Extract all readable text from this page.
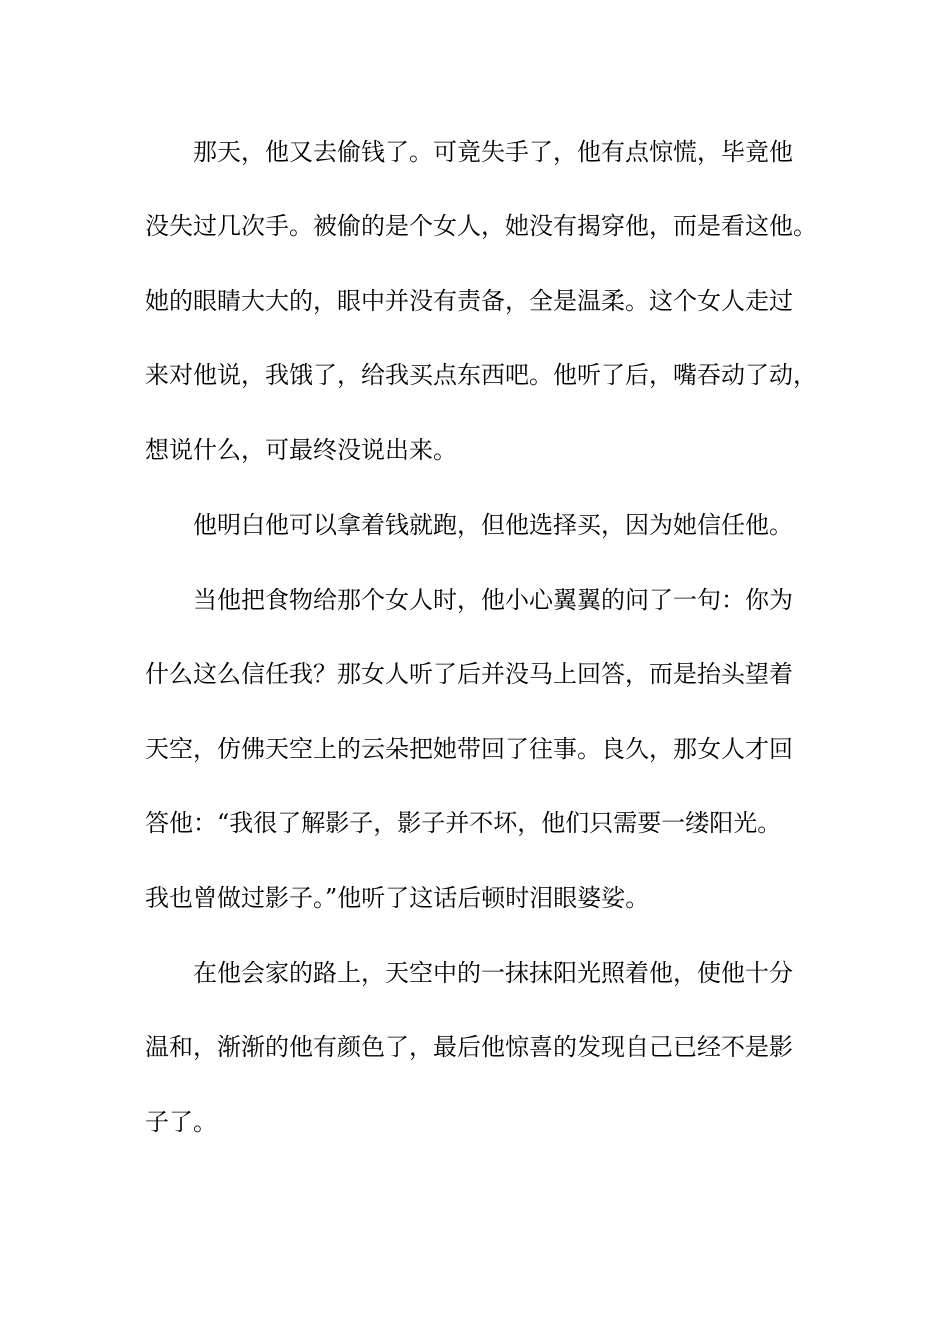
那天，他又去偷钱了。可竟失手了，他有点惊慌，毕竟他
没失过几次手。被偷的是个女人，她没有揭穿他，而是看这他。
她的眼睛大大的，眼中并没有责备，全是温柔。这个女人走过
来对他说，我饿了，给我买点东西吧。他听了后，嘴吞动了动，
想说什么，可最终没说出来。
他明白他可以拿着钱就跑，但他选择买，因为她信任他。
当他把食物给那个女人时，他小心翼翼的问了一句：你为
什么这么信任我？那女人听了后并没马上回答，而是抬头望着
天空，仿佛天空上的云朵把她带回了往事。良久，那女人才回
答他：“我很了解影子，影子并不坏，他们只需要一缕阳光。
我也曾做过影子。”他听了这话后顿时泪眼婆娑。
在他会家的路上，天空中的一抹抹阳光照着他，使他十分
温和，渐渐的他有颜色了，最后他惊喜的发现自己已经不是影
子了。
